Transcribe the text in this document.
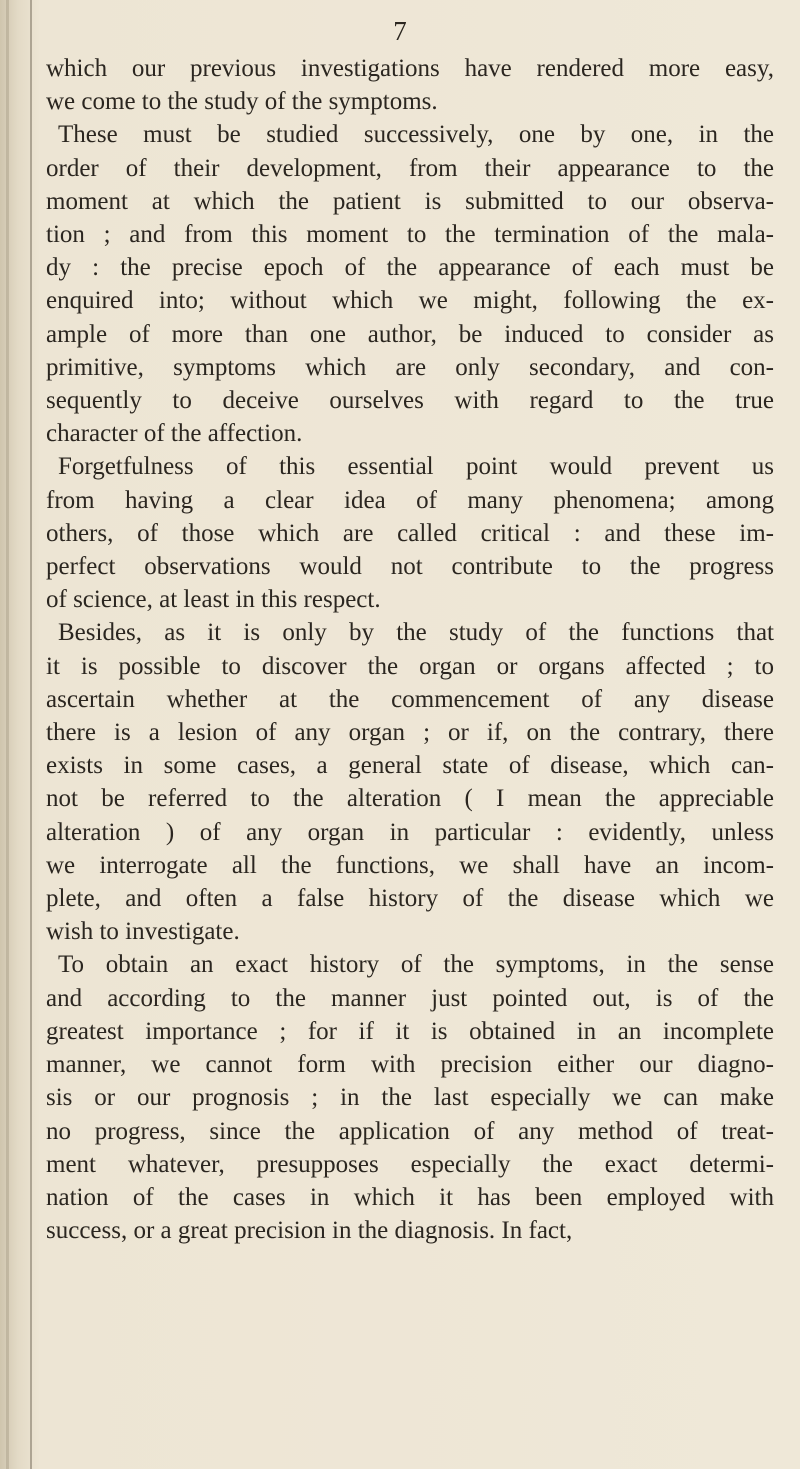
7

which our previous investigations have rendered more easy,
we come to the study of the symptoms.

These must be studied successively, one by one, in the
order of their development, from their appearance to the
moment at which the patient is submitted to our observa-
tion ; and from this moment to the termination of the mala-
dy : the precise epoch of the appearance of each must be
enquired into; without which we might, following the ex-
ample of more than one author, be induced to consider as
primitive, symptoms which are only secondary, and con-
sequently to deceive ourselves with regard to the true
character of the affection.

Forgetfulness of this essential point would prevent us
from having a clear idea of many phenomena; among
others, of those which are called critical : and these im-
perfect observations would not contribute to the progress
of science, at least in this respect.

Besides, as it is only by the study of the functions that
it is possible to discover the organ or organs affected ; to
ascertain whether at the commencement of any disease
there is a lesion of any organ ; or if, on the contrary, there
exists in some cases, a general state of disease, which can-
not be referred to the alteration ( I mean the appreciable
alteration ) of any organ in particular : evidently, unless
we interrogate all the functions, we shall have an incom-
plete, and often a false history of the disease which we
wish to investigate.

To obtain an exact history of the symptoms, in the sense
and according to the manner just pointed out, is of the
greatest importance ; for if it is obtained in an incomplete
manner, we cannot form with precision either our diagno-
sis or our prognosis ; in the last especially we can make
no progress, since the application of any method of treat-
ment whatever, presupposes especially the exact determi-
nation of the cases in which it has been employed with
success, or a great precision in the diagnosis. In fact,
